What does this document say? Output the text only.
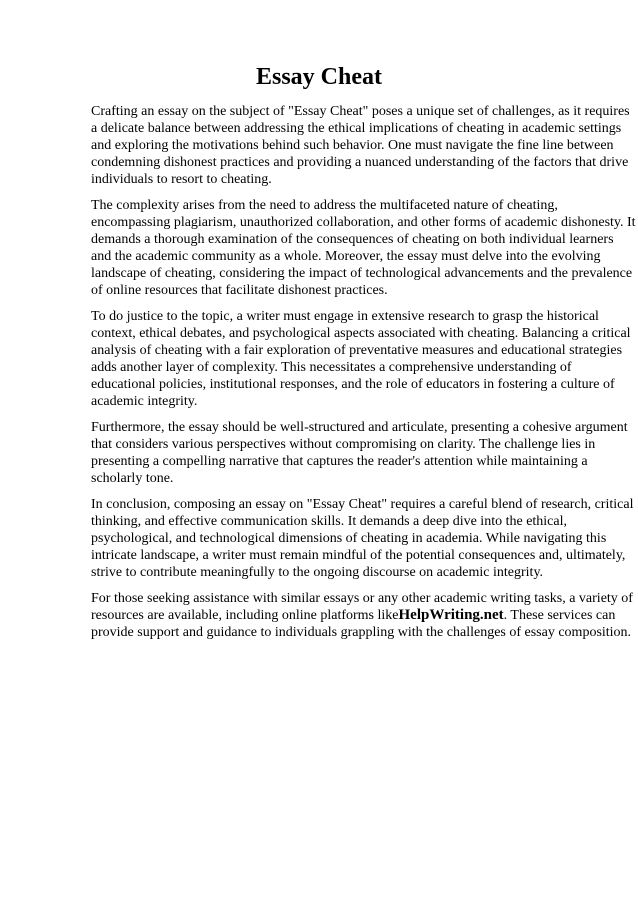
Essay Cheat

Crafting an essay on the subject of "Essay Cheat" poses a unique set of challenges, as it requires
a delicate balance between addressing the ethical implications of cheating in academic settings
and exploring the motivations behind such behavior. One must navigate the fine line between
condemning dishonest practices and providing a nuanced understanding of the factors that drive
individuals to resort to cheating.

The complexity arises from the need to address the multifaceted nature of cheating,
encompassing plagiarism, unauthorized collaboration, and other forms of academic dishonesty. It
demands a thorough examination of the consequences of cheating on both individual learners
and the academic community as a whole. Moreover, the essay must delve into the evolving
landscape of cheating, considering the impact of technological advancements and the prevalence
of online resources that facilitate dishonest practices.

To do justice to the topic, a writer must engage in extensive research to grasp the historical
context, ethical debates, and psychological aspects associated with cheating. Balancing a critical
analysis of cheating with a fair exploration of preventative measures and educational strategies
adds another layer of complexity. This necessitates a comprehensive understanding of
educational policies, institutional responses, and the role of educators in fostering a culture of
academic integrity.

Furthermore, the essay should be well-structured and articulate, presenting a cohesive argument
that considers various perspectives without compromising on clarity. The challenge lies in
presenting a compelling narrative that captures the reader's attention while maintaining a
scholarly tone.

In conclusion, composing an essay on "Essay Cheat" requires a careful blend of research, critical
thinking, and effective communication skills. It demands a deep dive into the ethical,
psychological, and technological dimensions of cheating in academia. While navigating this
intricate landscape, a writer must remain mindful of the potential consequences and, ultimately,
strive to contribute meaningfully to the ongoing discourse on academic integrity.

For those seeking assistance with similar essays or any other academic writing tasks, a variety of
resources are available, including online platforms likeHelpWriting.net. These services can
provide support and guidance to individuals grappling with the challenges of essay composition.
